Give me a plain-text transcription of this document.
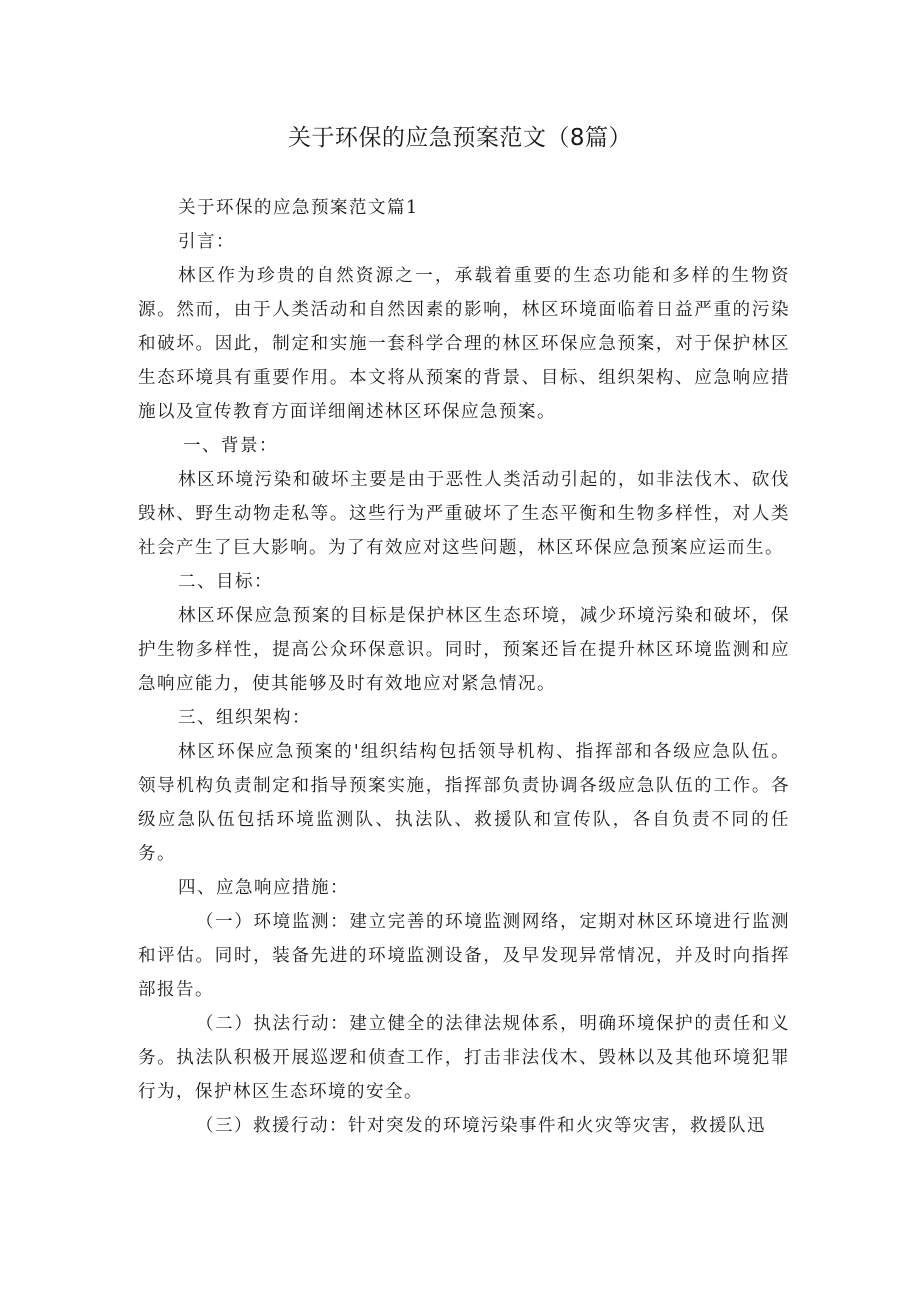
关于环保的应急预案范文（8篇）

关于环保的应急预案范文篇1

引言：

林区作为珍贵的自然资源之一，承载着重要的生态功能和多样的生物资源。然而，由于人类活动和自然因素的影响，林区环境面临着日益严重的污染和破坏。因此，制定和实施一套科学合理的林区环保应急预案，对于保护林区生态环境具有重要作用。本文将从预案的背景、目标、组织架构、应急响应措施以及宣传教育方面详细阐述林区环保应急预案。

一、背景：

林区环境污染和破坏主要是由于恶性人类活动引起的，如非法伐木、砍伐毁林、野生动物走私等。这些行为严重破坏了生态平衡和生物多样性，对人类社会产生了巨大影响。为了有效应对这些问题，林区环保应急预案应运而生。

二、目标：

林区环保应急预案的目标是保护林区生态环境，减少环境污染和破坏，保护生物多样性，提高公众环保意识。同时，预案还旨在提升林区环境监测和应急响应能力，使其能够及时有效地应对紧急情况。

三、组织架构：

林区环保应急预案的'组织结构包括领导机构、指挥部和各级应急队伍。领导机构负责制定和指导预案实施，指挥部负责协调各级应急队伍的工作。各级应急队伍包括环境监测队、执法队、救援队和宣传队，各自负责不同的任务。

四、应急响应措施：

（一）环境监测：建立完善的环境监测网络，定期对林区环境进行监测和评估。同时，装备先进的环境监测设备，及早发现异常情况，并及时向指挥部报告。

（二）执法行动：建立健全的法律法规体系，明确环境保护的责任和义务。执法队积极开展巡逻和侦查工作，打击非法伐木、毁林以及其他环境犯罪行为，保护林区生态环境的安全。

（三）救援行动：针对突发的环境污染事件和火灾等灾害，救援队迅
